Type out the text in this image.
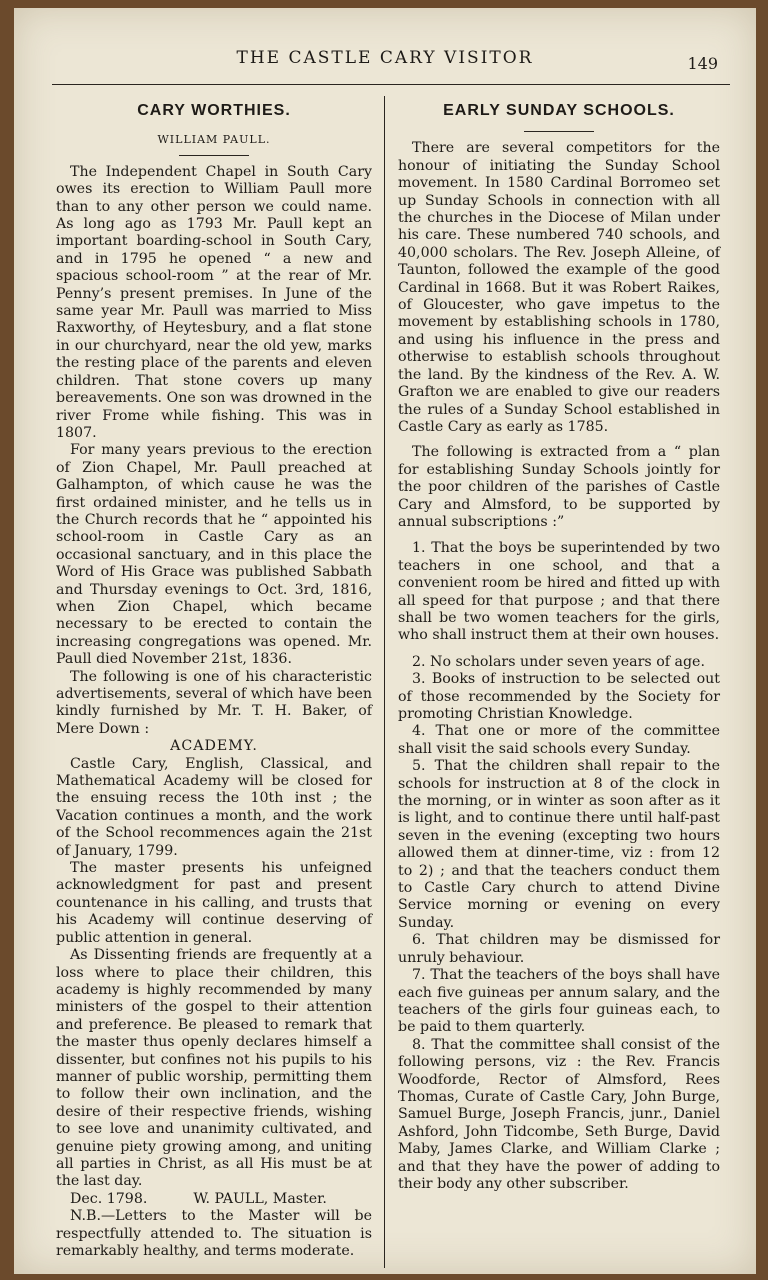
THE CASTLE CARY VISITOR	149
CARY WORTHIES.
WILLIAM PAULL.

The Independent Chapel in South Cary owes its erection to William Paull more than to any other person we could name. As long ago as 1793 Mr. Paull kept an important boarding-school in South Cary, and in 1795 he opened “ a new and spacious school-room ” at the rear of Mr. Penny’s present premises. In June of the same year Mr. Paull was married to Miss Raxworthy, of Heytesbury, and a flat stone in our churchyard, near the old yew, marks the resting place of the parents and eleven children. That stone covers up many bereavements. One son was drowned in the river Frome while fishing. This was in 1807.

For many years previous to the erection of Zion Chapel, Mr. Paull preached at Galhampton, of which cause he was the first ordained minister, and he tells us in the Church records that he “ appointed his school-room in Castle Cary as an occasional sanctuary, and in this place the Word of His Grace was published Sabbath and Thursday evenings to Oct. 3rd, 1816, when Zion Chapel, which became necessary to be erected to contain the increasing congregations was opened. Mr. Paull died November 21st, 1836.

The following is one of his characteristic advertisements, several of which have been kindly furnished by Mr. T. H. Baker, of Mere Down :

ACADEMY.

Castle Cary, English, Classical, and Mathematical Academy will be closed for the ensuing recess the 10th inst ; the Vacation continues a month, and the work of the School recommences again the 21st of January, 1799.

The master presents his unfeigned acknowledgment for past and present countenance in his calling, and trusts that his Academy will continue deserving of public attention in general.

As Dissenting friends are frequently at a loss where to place their children, this academy is highly recommended by many ministers of the gospel to their attention and preference. Be pleased to remark that the master thus openly declares himself a dissenter, but confines not his pupils to his manner of public worship, permitting them to follow their own inclination, and the desire of their respective friends, wishing to see love and unanimity cultivated, and genuine piety growing among, and uniting all parties in Christ, as all His must be at the last day.

Dec. 1798.	W. PAULL, Master.

N.B.—Letters to the Master will be respectfully attended to. The situation is remarkably healthy, and terms moderate.

EARLY SUNDAY SCHOOLS.

There are several competitors for the honour of initiating the Sunday School movement. In 1580 Cardinal Borromeo set up Sunday Schools in connection with all the churches in the Diocese of Milan under his care. These numbered 740 schools, and 40,000 scholars. The Rev. Joseph Alleine, of Taunton, followed the example of the good Cardinal in 1668. But it was Robert Raikes, of Gloucester, who gave impetus to the movement by establishing schools in 1780, and using his influence in the press and otherwise to establish schools throughout the land. By the kindness of the Rev. A. W. Grafton we are enabled to give our readers the rules of a Sunday School established in Castle Cary as early as 1785.

The following is extracted from a “ plan for establishing Sunday Schools jointly for the poor children of the parishes of Castle Cary and Almsford, to be supported by annual subscriptions :”

1. That the boys be superintended by two teachers in one school, and that a convenient room be hired and fitted up with all speed for that purpose ; and that there shall be two women teachers for the girls, who shall instruct them at their own houses.

2. No scholars under seven years of age.

3. Books of instruction to be selected out of those recommended by the Society for promoting Christian Knowledge.

4. That one or more of the committee shall visit the said schools every Sunday.

5. That the children shall repair to the schools for instruction at 8 of the clock in the morning, or in winter as soon after as it is light, and to continue there until half-past seven in the evening (excepting two hours allowed them at dinner-time, viz : from 12 to 2) ; and that the teachers conduct them to Castle Cary church to attend Divine Service morning or evening on every Sunday.

6. That children may be dismissed for unruly behaviour.

7. That the teachers of the boys shall have each five guineas per annum salary, and the teachers of the girls four guineas each, to be paid to them quarterly.

8. That the committee shall consist of the following persons, viz : the Rev. Francis Woodforde, Rector of Almsford, Rees Thomas, Curate of Castle Cary, John Burge, Samuel Burge, Joseph Francis, junr., Daniel Ashford, John Tidcombe, Seth Burge, David Maby, James Clarke, and William Clarke ; and that they have the power of adding to their body any other subscriber.
